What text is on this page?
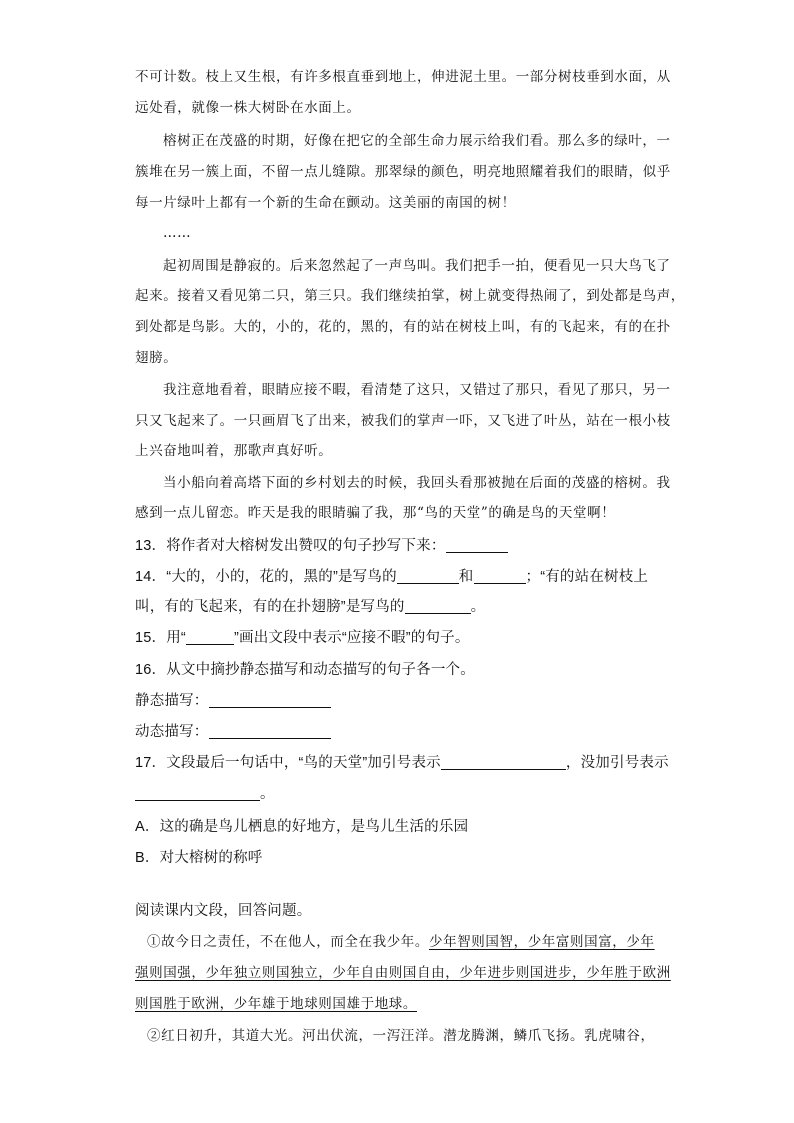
不可计数。枝上又生根，有许多根直垂到地上，伸进泥土里。一部分树枝垂到水面，从
远处看，就像一株大树卧在水面上。
榕树正在茂盛的时期，好像在把它的全部生命力展示给我们看。那么多的绿叶，一
簇堆在另一簇上面，不留一点儿缝隙。那翠绿的颜色，明亮地照耀着我们的眼睛，似乎
每一片绿叶上都有一个新的生命在颤动。这美丽的南国的树！
……
起初周围是静寂的。后来忽然起了一声鸟叫。我们把手一拍，便看见一只大鸟飞了
起来。接着又看见第二只，第三只。我们继续拍掌，树上就变得热闹了，到处都是鸟声，
到处都是鸟影。大的，小的，花的，黑的，有的站在树枝上叫，有的飞起来，有的在扑
翅膀。
我注意地看着，眼睛应接不暇，看清楚了这只，又错过了那只，看见了那只，另一
只又飞起来了。一只画眉飞了出来，被我们的掌声一吓，又飞进了叶丛，站在一根小枝
上兴奋地叫着，那歌声真好听。
当小船向着高塔下面的乡村划去的时候，我回头看那被抛在后面的茂盛的榕树。我
感到一点儿留恋。昨天是我的眼睛骗了我，那“鸟的天堂”的确是鸟的天堂啊！
13．将作者对大榕树发出赞叹的句子抄写下来：
14．“大的，小的，花的，黑的”是写鸟的	和	；“有的站在树枝上
叫，有的飞起来，有的在扑翅膀”是写鸟的	。
15．用“	”画出文段中表示“应接不暇”的句子。
16．从文中摘抄静态描写和动态描写的句子各一个。
静态描写：
动态描写：
17．文段最后一句话中，“鸟的天堂”加引号表示	，没加引号表示
。
A．这的确是鸟儿栖息的好地方，是鸟儿生活的乐园
B．对大榕树的称呼
阅读课内文段，回答问题。
①故今日之责任，不在他人，而全在我少年。少年智则国智，少年富则国富，少年
强则国强，少年独立则国独立，少年自由则国自由，少年进步则国进步，少年胜于欧洲
则国胜于欧洲，少年雄于地球则国雄于地球。
②红日初升，其道大光。河出伏流，一泻汪洋。潜龙腾渊，鳞爪飞扬。乳虎啸谷，
